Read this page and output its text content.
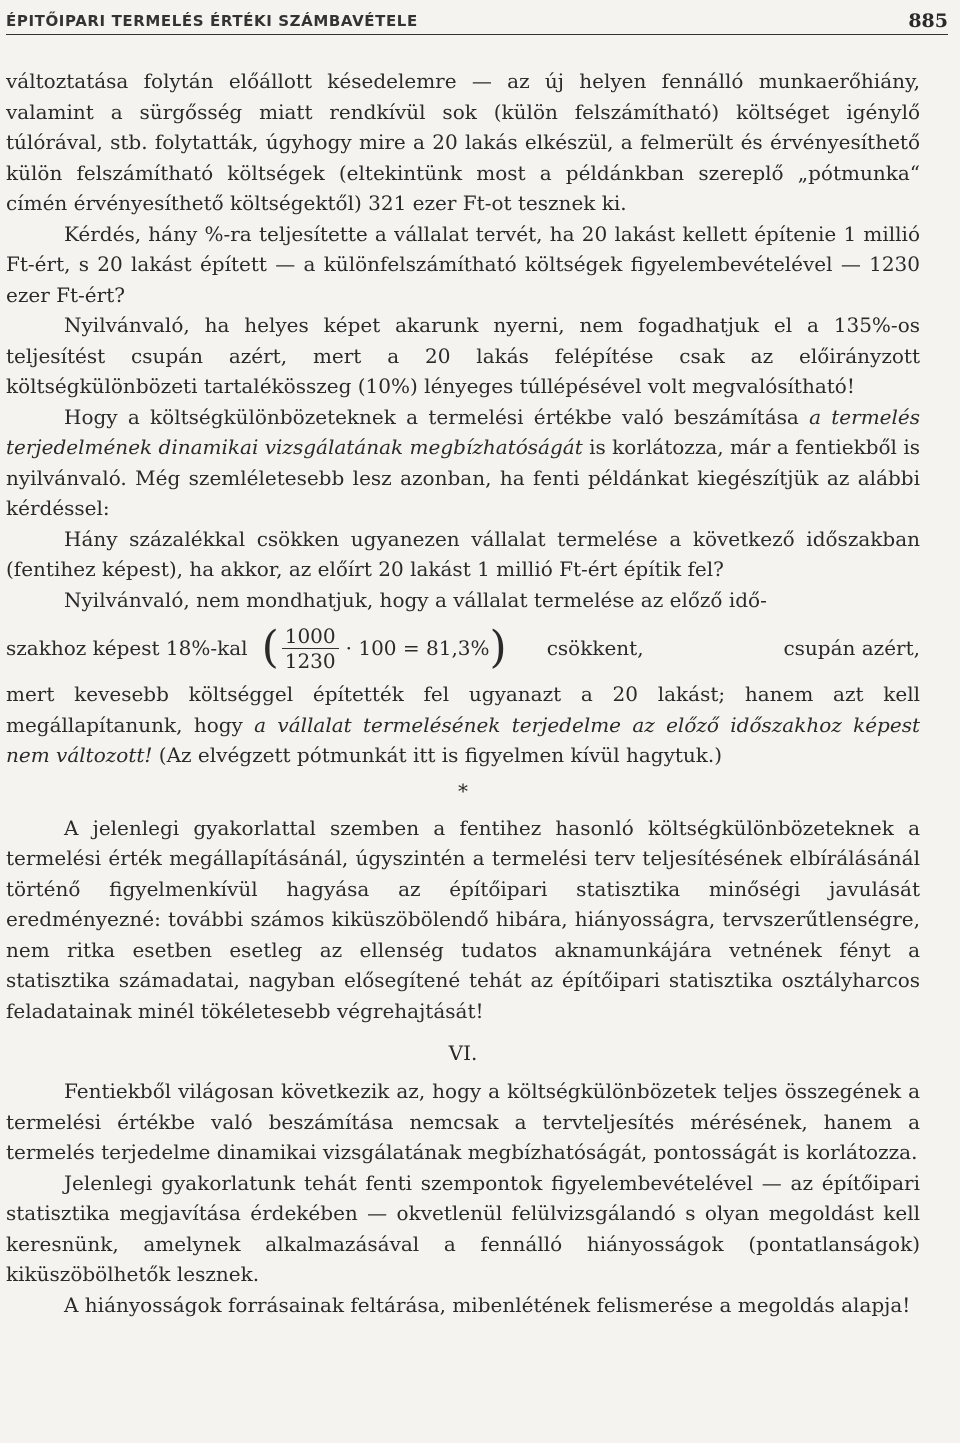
ÉPITŐIPARI TERMELÉS ÉRTÉKI SZÁMBAVÉTELE	885

változtatása folytán előállott késedelemre — az új helyen fennálló munkaerőhiány, valamint a sürgősség miatt rendkívül sok (külön felszámítható) költséget igénylő túlórával, stb. folytatták, úgyhogy mire a 20 lakás elkészül, a felmerült és érvényesíthető külön felszámítható költségek (eltekintünk most a példánkban szereplő „pótmunka“ címén érvényesíthető költségektől) 321 ezer Ft-ot tesznek ki.

Kérdés, hány %-ra teljesítette a vállalat tervét, ha 20 lakást kellett építenie 1 millió Ft-ért, s 20 lakást épített — a különfelszámítható költségek figyelembevételével — 1230 ezer Ft-ért?

Nyilvánvaló, ha helyes képet akarunk nyerni, nem fogadhatjuk el a 135%-os teljesítést csupán azért, mert a 20 lakás felépítése csak az előirányzott költségkülönbözeti tartalékösszeg (10%) lényeges túllépésével volt megvalósítható!

Hogy a költségkülönbözeteknek a termelési értékbe való beszámítása a termelés terjedelmének dinamikai vizsgálatának megbízhatóságát is korlátozza, már a fentiekből is nyilvánvaló. Még szemléletesebb lesz azonban, ha fenti példánkat kiegészítjük az alábbi kérdéssel:

Hány százalékkal csökken ugyanezen vállalat termelése a következő időszakban (fentihez képest), ha akkor, az előírt 20 lakást 1 millió Ft-ért építik fel?

Nyilvánvaló, nem mondhatjuk, hogy a vállalat termelése az előző idő-

szakhoz képest 18%-kal ( $\frac{1000}{1230} \cdot 100 = 81,3\%$ ) csökkent,	csupán azért,

mert kevesebb költséggel építették fel ugyanazt a 20 lakást; hanem azt kell megállapítanunk, hogy a vállalat termelésének terjedelme az előző időszakhoz képest nem változott! (Az elvégzett pótmunkát itt is figyelmen kívül hagytuk.)

*

A jelenlegi gyakorlattal szemben a fentihez hasonló költségkülönbözeteknek a termelési érték megállapításánál, úgyszintén a termelési terv teljesítésének elbírálásánál történő figyelmenkívül hagyása az építőipari statisztika minőségi javulását eredményezné: további számos kiküszöbölendő hibára, hiányosságra, tervszerűtlenségre, nem ritka esetben esetleg az ellenség tudatos aknamunkájára vetnének fényt a statisztika számadatai, nagyban elősegítené tehát az építőipari statisztika osztályharcos feladatainak minél tökéletesebb végrehajtását!

VI.

Fentiekből világosan következik az, hogy a költségkülönbözetek teljes összegének a termelési értékbe való beszámítása nemcsak a tervteljesítés mérésének, hanem a termelés terjedelme dinamikai vizsgálatának megbízhatóságát, pontosságát is korlátozza.

Jelenlegi gyakorlatunk tehát fenti szempontok figyelembevételével — az építőipari statisztika megjavítása érdekében — okvetlenül felülvizsgálandó s olyan megoldást kell keresnünk, amelynek alkalmazásával a fennálló hiányosságok (pontatlanságok) kiküszöbölhetők lesznek.

A hiányosságok forrásainak feltárása, mibenlétének felismerése a megoldás alapja!
